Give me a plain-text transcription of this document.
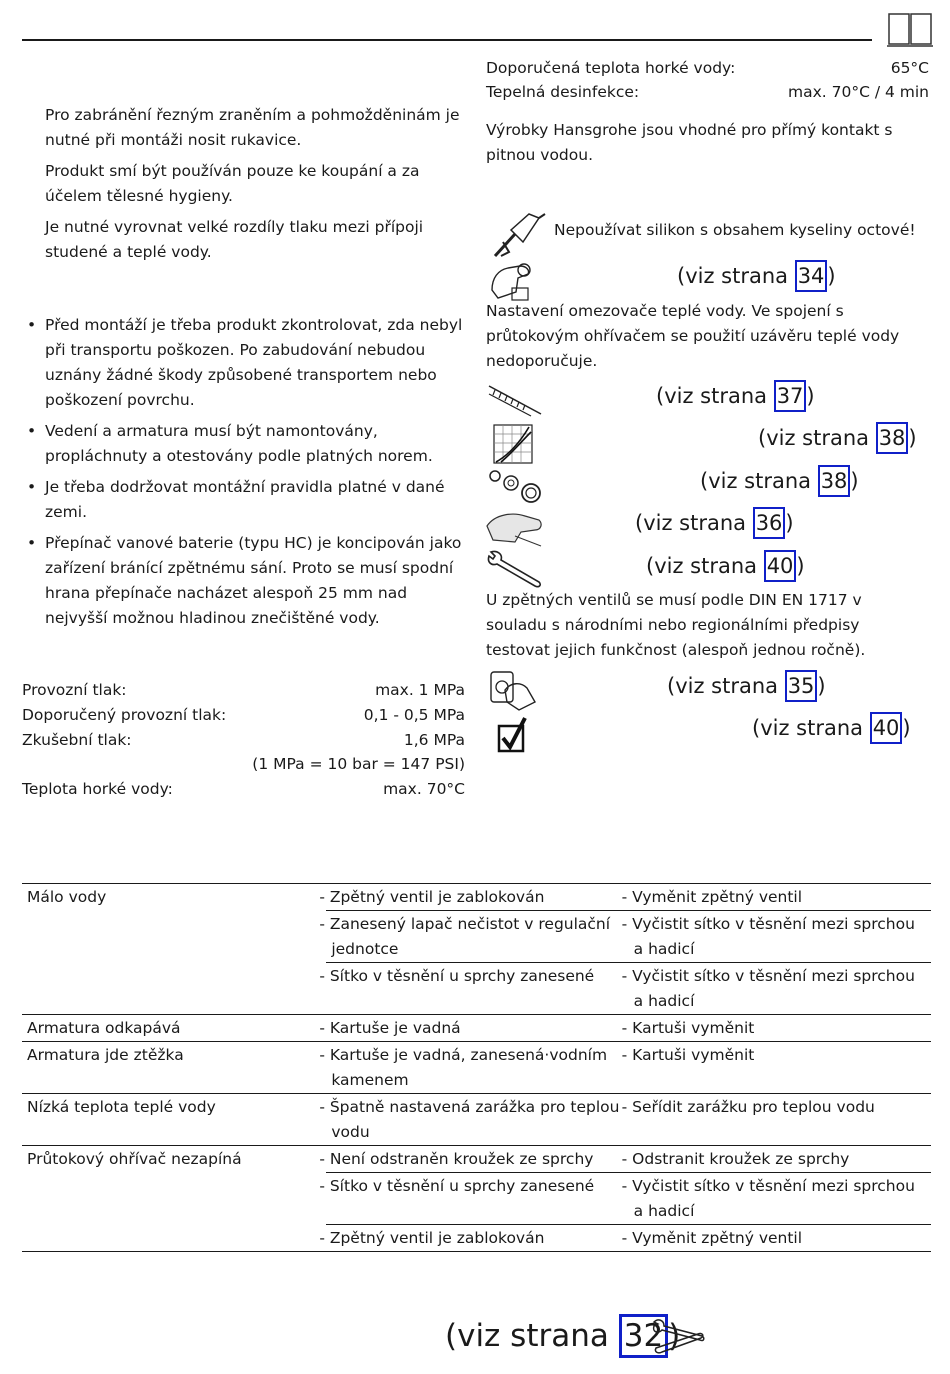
Pro zabránění řezným zraněním a pohmožděninám je nutné při montáži nosit rukavice.

Produkt smí být používán pouze ke koupání a za účelem tělesné hygieny.

Je nutné vyrovnat velké rozdíly tlaku mezi přípoji studené a teplé vody.

• Před montáží je třeba produkt zkontrolovat, zda nebyl při transportu poškozen. Po zabudování nebudou uznány žádné škody způsobené transportem nebo poškození povrchu.
• Vedení a armatura musí být namontovány, propláchnuty a otestovány podle platných norem.
• Je třeba dodržovat montážní pravidla platné v dané zemi.
• Přepínač vanové baterie (typu HC) je koncipován jako zařízení bránící zpětnému sání. Proto se musí spodní hrana přepínače nacházet alespoň 25 mm nad nejvyšší možnou hladinou znečištěné vody.
Provozní tlak:	max. 1 MPa
Doporučený provozní tlak:	0,1 - 0,5 MPa
Zkušební tlak:	1,6 MPa
(1 MPa = 10 bar = 147 PSI)
Teplota horké vody:	max. 70°C
Doporučená teplota horké vody:	65°C
Tepelná desinfekce:	max. 70°C / 4 min

Výrobky Hansgrohe jsou vhodné pro přímý kontakt s pitnou vodou.

Nepoužívat silikon s obsahem kyseliny octové!
(viz strana 34 )

Nastavení omezovače teplé vody. Ve spojení s průtokovým ohřívačem se použití uzávěru teplé vody nedoporučuje.

(viz strana 37 )
(viz strana 38 )
(viz strana 38 )
(viz strana 36 )
(viz strana 40 )

U zpětných ventilů se musí podle DIN EN 1717 v souladu s národními nebo regionálními předpisy testovat jejich funkčnost (alespoň jednou ročně).

(viz strana 35 )
(viz strana 40 )
Málo vody	- Zpětný ventil je zablokován	- Vyměnit zpětný ventil
	- Zanesený lapač nečistot v regulační jednotce	- Vyčistit sítko v těsnění mezi sprchou a hadicí
	- Sítko v těsnění u sprchy zanesené	- Vyčistit sítko v těsnění mezi sprchou a hadicí
Armatura odkapává	- Kartuše je vadná	- Kartuši vyměnit
Armatura jde ztěžka	- Kartuše je vadná, zanesená·vodním kamenem	- Kartuši vyměnit
Nízká teplota teplé vody	- Špatně nastavená zarážka pro teplou vodu	- Seřídit zarážku pro teplou vodu
Průtokový ohřívač nezapíná	- Není odstraněn kroužek ze sprchy	- Odstranit kroužek ze sprchy
	- Sítko v těsnění u sprchy zanesené	- Vyčistit sítko v těsnění mezi sprchou a hadicí
	- Zpětný ventil je zablokován	- Vyměnit zpětný ventil
(viz strana 32 )
